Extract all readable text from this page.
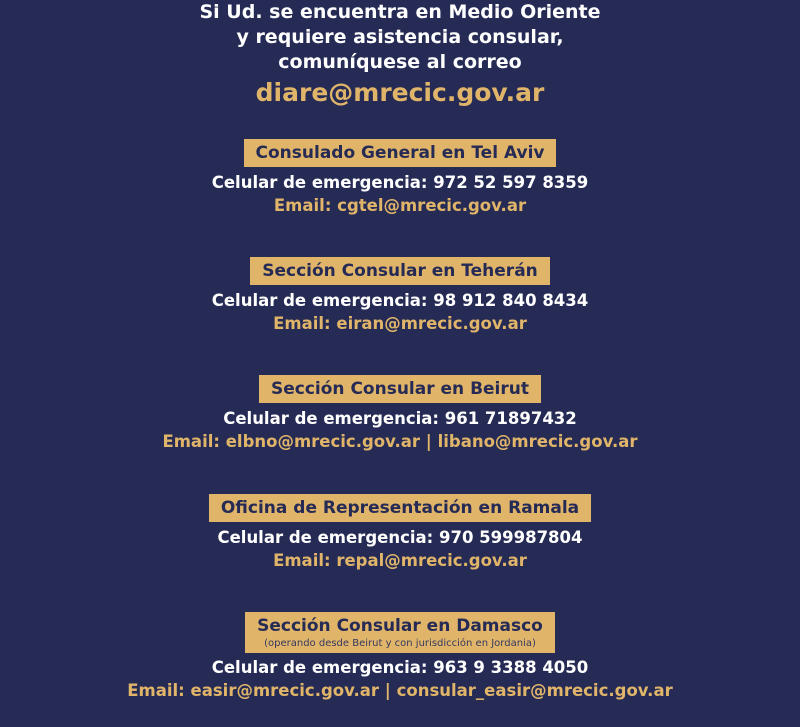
Si Ud. se encuentra en Medio Oriente
y requiere asistencia consular,
comuníquese al correo
diare@mrecic.gov.ar
Consulado General en Tel Aviv
Celular de emergencia: 972 52 597 8359
Email: cgtel@mrecic.gov.ar
Sección Consular en Teherán
Celular de emergencia: 98 912 840 8434
Email: eiran@mrecic.gov.ar
Sección Consular en Beirut
Celular de emergencia: 961 71897432
Email: elbno@mrecic.gov.ar | libano@mrecic.gov.ar
Oficina de Representación en Ramala
Celular de emergencia: 970 599987804
Email: repal@mrecic.gov.ar
Sección Consular en Damasco
(operando desde Beirut y con jurisdicción en Jordania)
Celular de emergencia: 963 9 3388 4050
Email: easir@mrecic.gov.ar | consular_easir@mrecic.gov.ar
